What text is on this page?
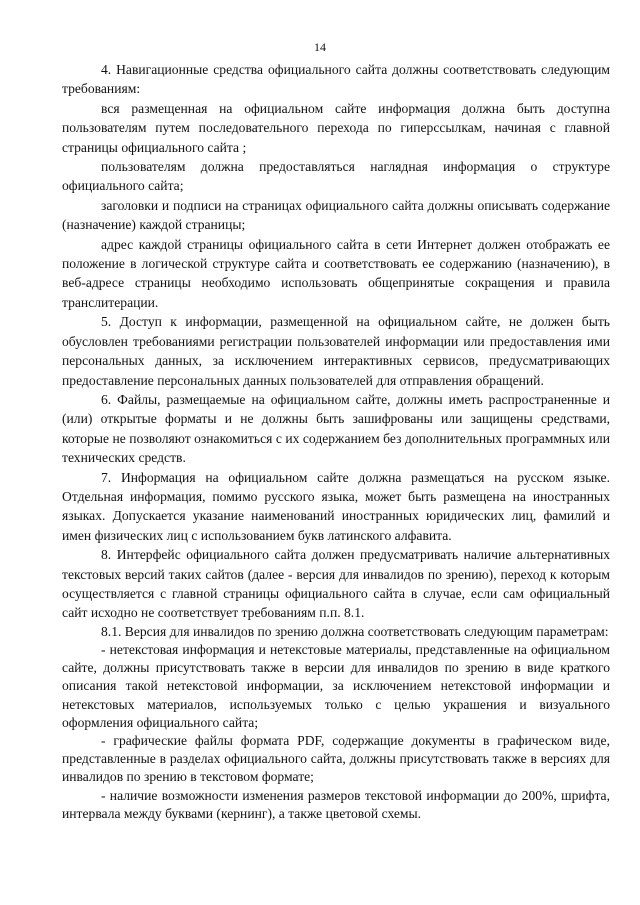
14

4. Навигационные средства официального сайта должны соответствовать следующим требованиям:

вся размещенная на официальном сайте информация должна быть доступна пользователям путем последовательного перехода по гиперссылкам, начиная с главной страницы официального сайта ;

пользователям должна предоставляться наглядная информация о структуре официального сайта;

заголовки и подписи на страницах официального сайта должны описывать содержание (назначение) каждой страницы;

адрес каждой страницы официального сайта в сети Интернет должен отображать ее положение в логической структуре сайта и соответствовать ее содержанию (назначению), в веб-адресе страницы необходимо использовать общепринятые сокращения и правила транслитерации.

5. Доступ к информации, размещенной на официальном сайте, не должен быть обусловлен требованиями регистрации пользователей информации или предоставления ими персональных данных, за исключением интерактивных сервисов, предусматривающих предоставление персональных данных пользователей для отправления обращений.

6. Файлы, размещаемые на официальном сайте, должны иметь распространенные и (или) открытые форматы и не должны быть зашифрованы или защищены средствами, которые не позволяют ознакомиться с их содержанием без дополнительных программных или технических средств.

7. Информация на официальном сайте должна размещаться на русском языке. Отдельная информация, помимо русского языка, может быть размещена на иностранных языках. Допускается указание наименований иностранных юридических лиц, фамилий и имен физических лиц с использованием букв латинского алфавита.

8. Интерфейс официального сайта должен предусматривать наличие альтернативных текстовых версий таких сайтов (далее - версия для инвалидов по зрению), переход к которым осуществляется с главной страницы официального сайта в случае, если сам официальный сайт исходно не соответствует требованиям п.п. 8.1.

8.1. Версия для инвалидов по зрению должна соответствовать следующим параметрам:

- нетекстовая информация и нетекстовые материалы, представленные на официальном сайте, должны присутствовать также в версии для инвалидов по зрению в виде краткого описания такой нетекстовой информации, за исключением нетекстовой информации и нетекстовых материалов, используемых только с целью украшения и визуального оформления официального сайта;

- графические файлы формата PDF, содержащие документы в графическом виде, представленные в разделах официального сайта, должны присутствовать также в версиях для инвалидов по зрению в текстовом формате;

- наличие возможности изменения размеров текстовой информации до 200%, шрифта, интервала между буквами (кернинг), а также цветовой схемы.
